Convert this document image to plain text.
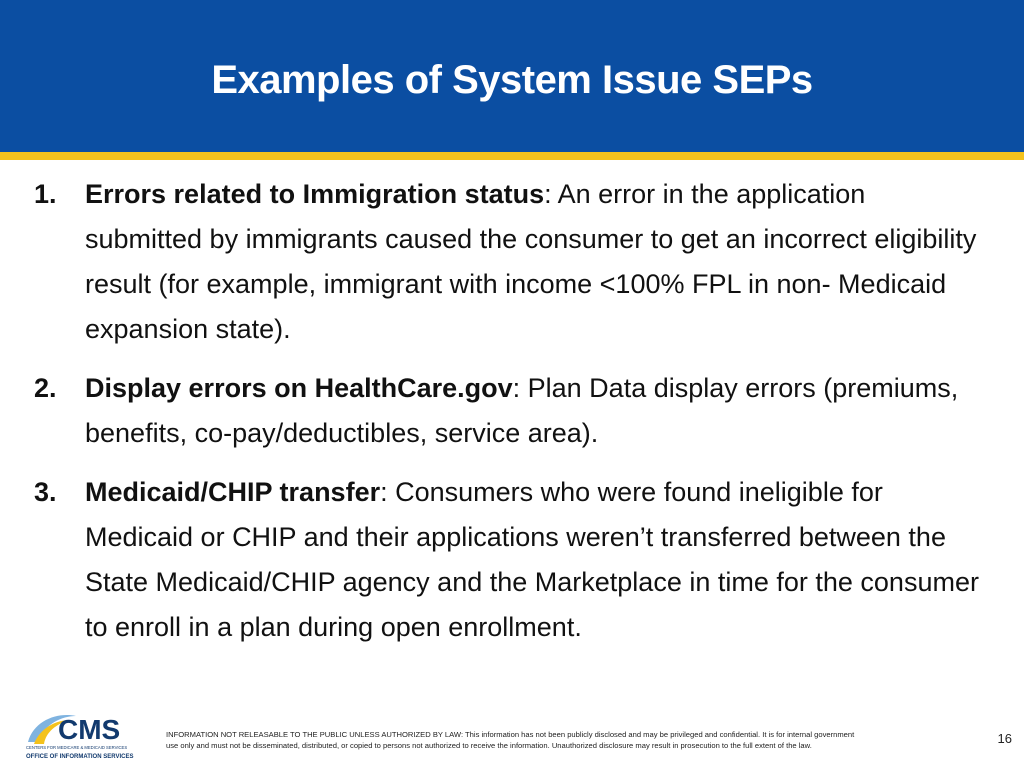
Examples of System Issue SEPs
1. Errors related to Immigration status: An error in the application submitted by immigrants caused the consumer to get an incorrect eligibility result (for example, immigrant with income <100% FPL in non- Medicaid expansion state).
2. Display errors on HealthCare.gov: Plan Data display errors (premiums, benefits, co-pay/deductibles, service area).
3. Medicaid/CHIP transfer: Consumers who were found ineligible for Medicaid or CHIP and their applications weren’t transferred between the State Medicaid/CHIP agency and the Marketplace in time for the consumer to enroll in a plan during open enrollment.
CMS
CENTERS FOR MEDICARE & MEDICAID SERVICES
OFFICE OF INFORMATION SERVICES
INFORMATION NOT RELEASABLE TO THE PUBLIC UNLESS AUTHORIZED BY LAW: This information has not been publicly disclosed and may be privileged and confidential. It is for internal government
use only and must not be disseminated, distributed, or copied to persons not authorized to receive the information. Unauthorized disclosure may result in prosecution to the full extent of the law.	16
